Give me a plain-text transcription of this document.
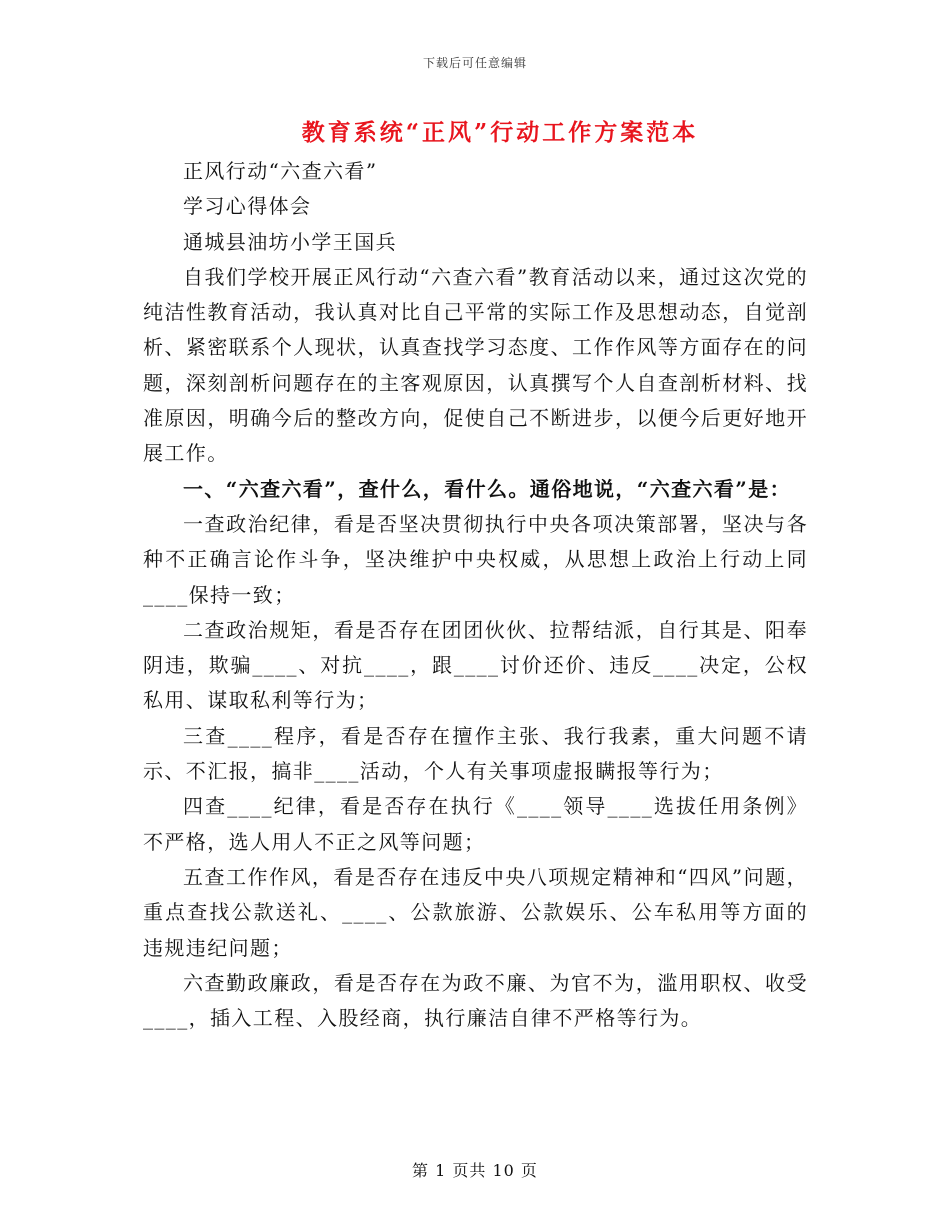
下载后可任意编辑
教育系统“正风”行动工作方案范本

正风行动“六查六看”

学习心得体会

通城县油坊小学王国兵

自我们学校开展正风行动“六查六看”教育活动以来，通过这次党的纯洁性教育活动，我认真对比自己平常的实际工作及思想动态，自觉剖析、紧密联系个人现状，认真查找学习态度、工作作风等方面存在的问题，深刻剖析问题存在的主客观原因，认真撰写个人自查剖析材料、找准原因，明确今后的整改方向，促使自己不断进步，以便今后更好地开展工作。

一、“六查六看”，查什么，看什么。通俗地说，“六查六看”是：

一查政治纪律，看是否坚决贯彻执行中央各项决策部署，坚决与各种不正确言论作斗争，坚决维护中央权威，从思想上政治上行动上同____保持一致；

二查政治规矩，看是否存在团团伙伙、拉帮结派，自行其是、阳奉阴违，欺骗____、对抗____，跟____讨价还价、违反____决定，公权私用、谋取私利等行为；

三查____程序，看是否存在擅作主张、我行我素，重大问题不请示、不汇报，搞非____活动，个人有关事项虚报瞒报等行为；

四查____纪律，看是否存在执行《____领导____选拔任用条例》不严格，选人用人不正之风等问题；

五查工作作风，看是否存在违反中央八项规定精神和“四风”问题，重点查找公款送礼、____、公款旅游、公款娱乐、公车私用等方面的违规违纪问题；

六查勤政廉政，看是否存在为政不廉、为官不为，滥用职权、收受____，插入工程、入股经商，执行廉洁自律不严格等行为。

第 1 页共 10 页
